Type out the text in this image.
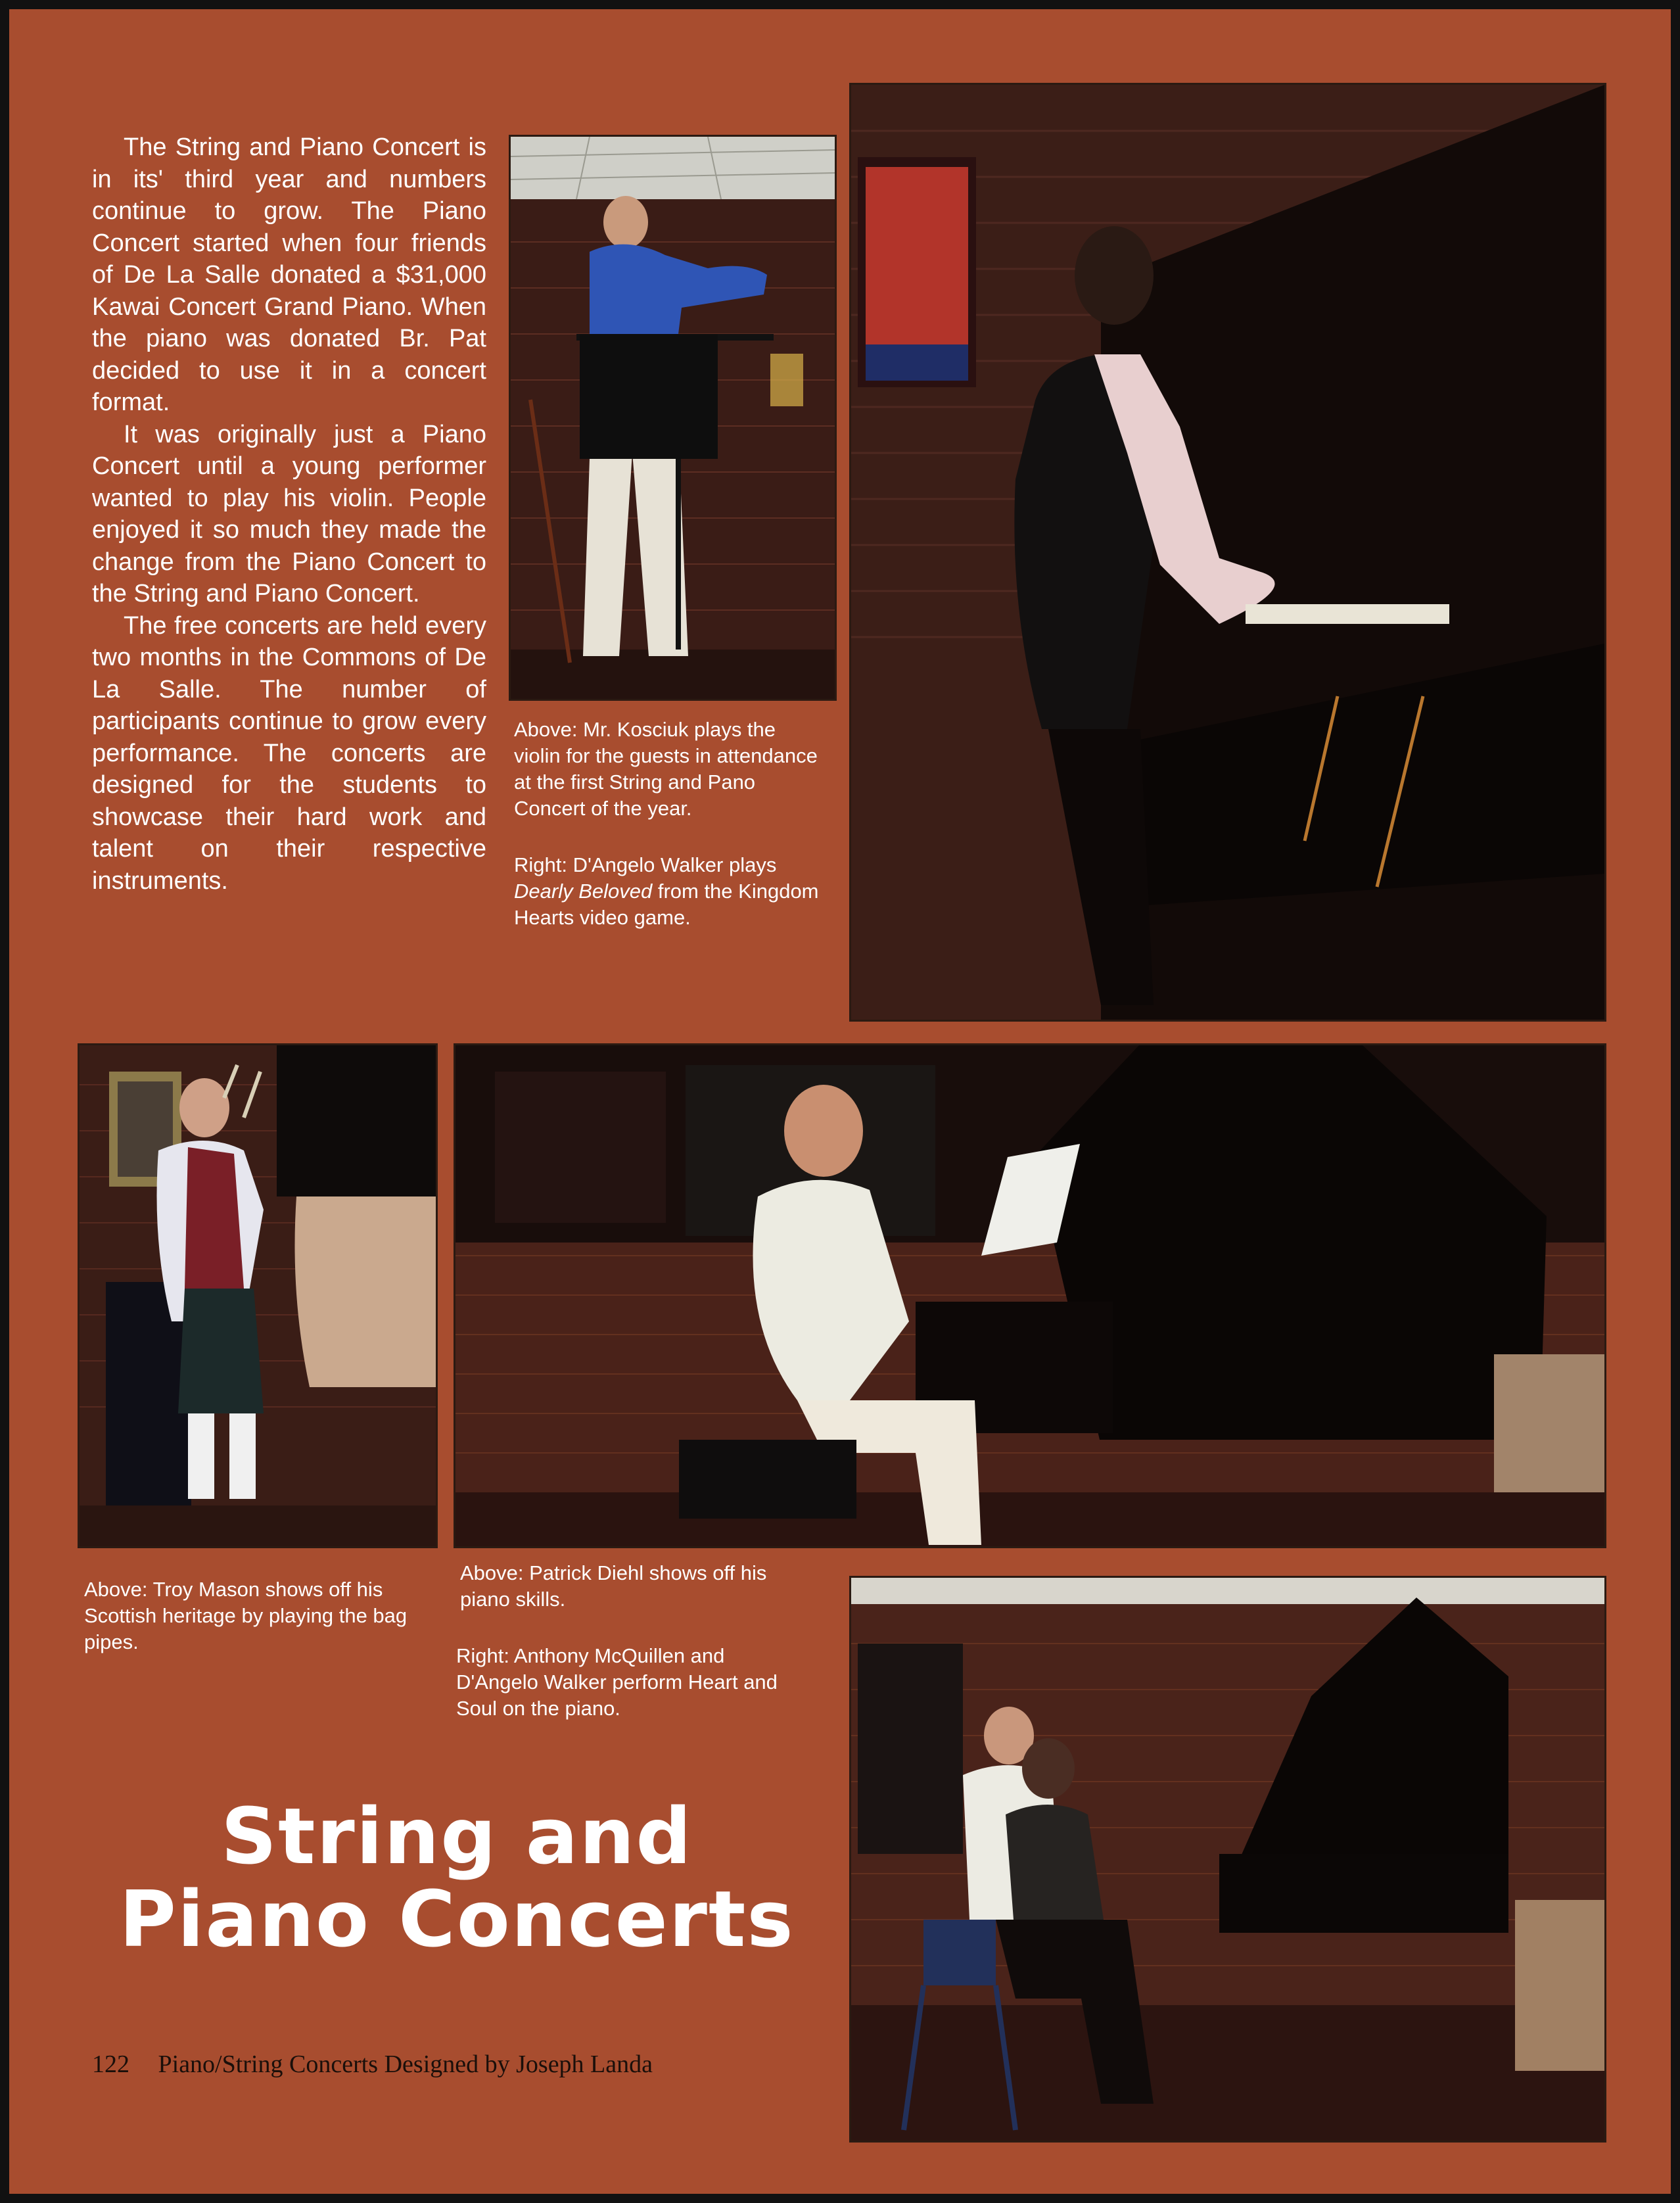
The String and Piano Concert is in its' third year and numbers continue to grow. The Piano Concert started when four friends of De La Salle donated a $31,000 Kawai Concert Grand Piano. When the piano was donated Br. Pat decided to use it in a concert format.

It was originally just a Piano Concert until a young performer wanted to play his violin. People enjoyed it so much they made the change from the Piano Concert to the String and Piano Concert.

The free concerts are held every two months in the Commons of De La Salle. The number of participants continue to grow every performance. The concerts are designed for the students to showcase their hard work and talent on their respective instruments.

Above: Mr. Kosciuk plays the violin for the guests in attendance at the first String and Pano Concert of the year.

Right: D'Angelo Walker plays Dearly Beloved from the Kingdom Hearts video game.

Above: Troy Mason shows off his Scottish heritage by playing the bag pipes.

Above: Patrick Diehl shows off his piano skills.

Right: Anthony McQuillen and D'Angelo Walker perform Heart and Soul on the piano.

String and
Piano Concerts
122 Piano/String Concerts Designed by Joseph Landa
